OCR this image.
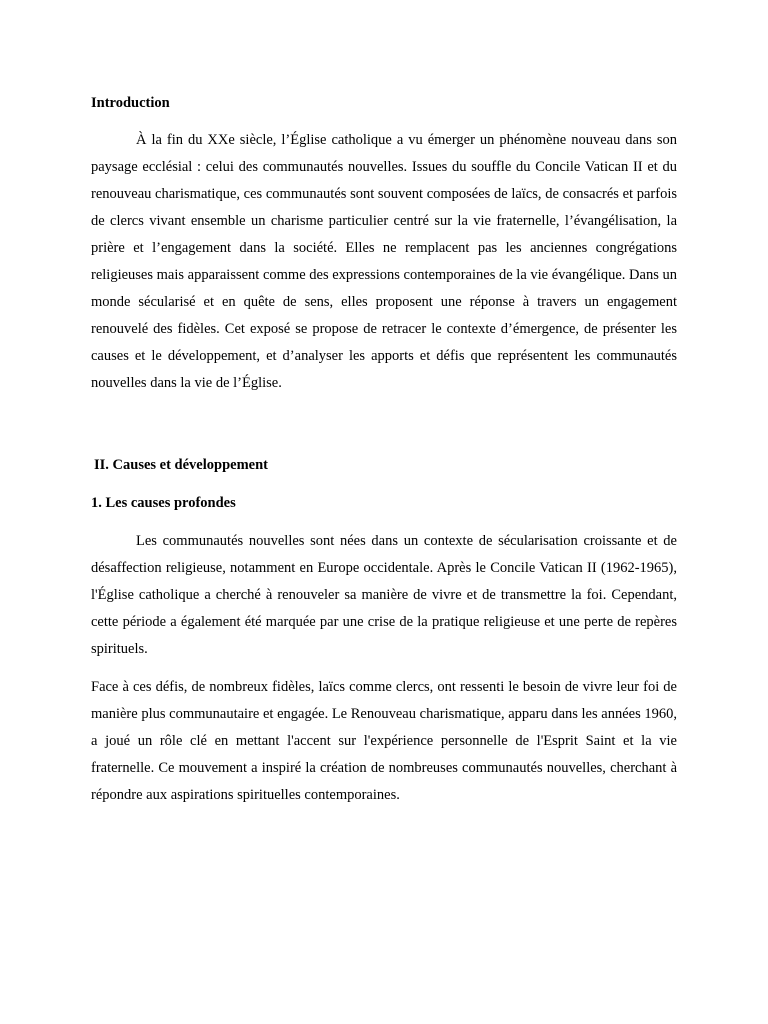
Introduction

À la fin du XXe siècle, l’Église catholique a vu émerger un phénomène nouveau dans son paysage ecclésial : celui des communautés nouvelles. Issues du souffle du Concile Vatican II et du renouveau charismatique, ces communautés sont souvent composées de laïcs, de consacrés et parfois de clercs vivant ensemble un charisme particulier centré sur la vie fraternelle, l’évangélisation, la prière et l’engagement dans la société. Elles ne remplacent pas les anciennes congrégations religieuses mais apparaissent comme des expressions contemporaines de la vie évangélique. Dans un monde sécularisé et en quête de sens, elles proposent une réponse à travers un engagement renouvelé des fidèles. Cet exposé se propose de retracer le contexte d’émergence, de présenter les causes et le développement, et d’analyser les apports et défis que représentent les communautés nouvelles dans la vie de l’Église.

II. Causes et développement

1. Les causes profondes

Les communautés nouvelles sont nées dans un contexte de sécularisation croissante et de désaffection religieuse, notamment en Europe occidentale. Après le Concile Vatican II (1962-1965), l'Église catholique a cherché à renouveler sa manière de vivre et de transmettre la foi. Cependant, cette période a également été marquée par une crise de la pratique religieuse et une perte de repères spirituels.

Face à ces défis, de nombreux fidèles, laïcs comme clercs, ont ressenti le besoin de vivre leur foi de manière plus communautaire et engagée. Le Renouveau charismatique, apparu dans les années 1960, a joué un rôle clé en mettant l'accent sur l'expérience personnelle de l'Esprit Saint et la vie fraternelle. Ce mouvement a inspiré la création de nombreuses communautés nouvelles, cherchant à répondre aux aspirations spirituelles contemporaines.
